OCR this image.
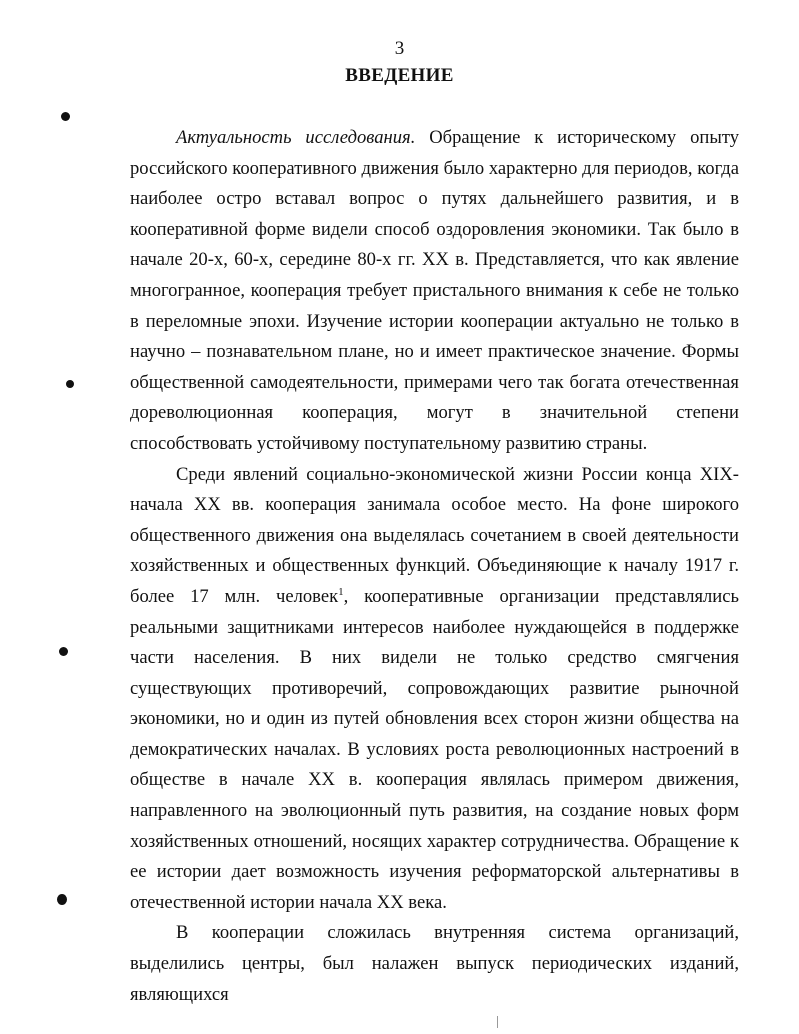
3
ВВЕДЕНИЕ

Актуальность исследования. Обращение к историческому опыту российского кооперативного движения было характерно для периодов, когда наиболее остро вставал вопрос о путях дальнейшего развития, и в кооперативной форме видели способ оздоровления экономики. Так было в начале 20-х, 60-х, середине 80-х гг. XX в. Представляется, что как явление многогранное, кооперация требует пристального внимания к себе не только в переломные эпохи. Изучение истории кооперации актуально не только в научно – познавательном плане, но и имеет практическое значение. Формы общественной самодеятельности, примерами чего так богата отечественная дореволюционная кооперация, могут в значительной степени способствовать устойчивому поступательному развитию страны.

Среди явлений социально-экономической жизни России конца XIX-начала XX вв. кооперация занимала особое место. На фоне широкого общественного движения она выделялась сочетанием в своей деятельности хозяйственных и общественных функций. Объединяющие к началу 1917 г. более 17 млн. человек$^1$, кооперативные организации представлялись реальными защитниками интересов наиболее нуждающейся в поддержке части населения. В них видели не только средство смягчения существующих противоречий, сопровождающих развитие рыночной экономики, но и один из путей обновления всех сторон жизни общества на демократических началах. В условиях роста революционных настроений в обществе в начале XX в. кооперация являлась примером движения, направленного на эволюционный путь развития, на создание новых форм хозяйственных отношений, носящих характер сотрудничества. Обращение к ее истории дает возможность изучения реформаторской альтернативы в отечественной истории начала XX века.

В кооперации сложилась внутренняя система организаций, выделились центры, был налажен выпуск периодических изданий, являющихся
